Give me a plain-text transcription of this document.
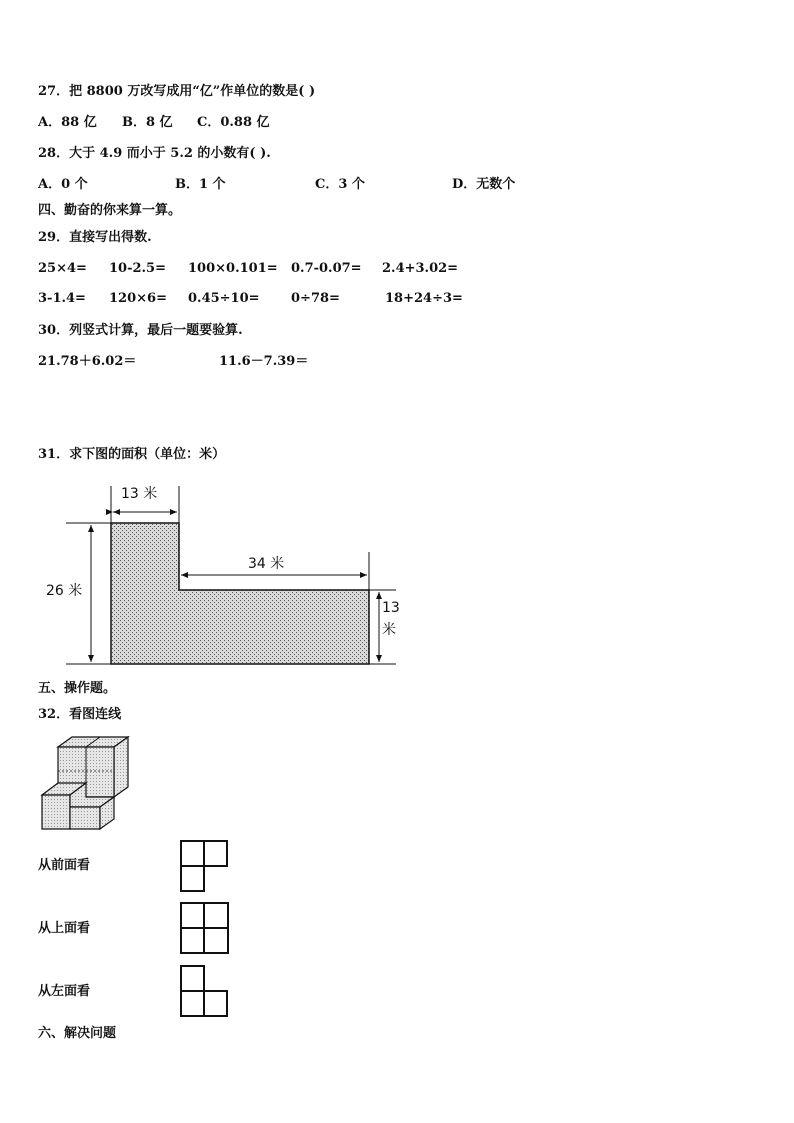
27．把 8800 万改写成用“亿”作单位的数是( )
A．88 亿 B．8 亿 C．0.88 亿
28．大于 4.9 而小于 5.2 的小数有( ).
A．0 个	B．1 个	C．3 个	D．无数个
四、勤奋的你来算一算。
29．直接写出得数.
25×4= 10-2.5= 100×0.101= 0.7-0.07= 2.4+3.02=
3-1.4= 120×6= 0.45÷10= 0÷78=	18+24÷3=
30．列竖式计算，最后一题要验算.
21.78＋6.02＝	11.6－7.39＝
31．求下图的面积（单位：米）
13 米
34 米
26 米
13
米
五、操作题。
32．看图连线
从前面看
从上面看
从左面看
六、解决问题
